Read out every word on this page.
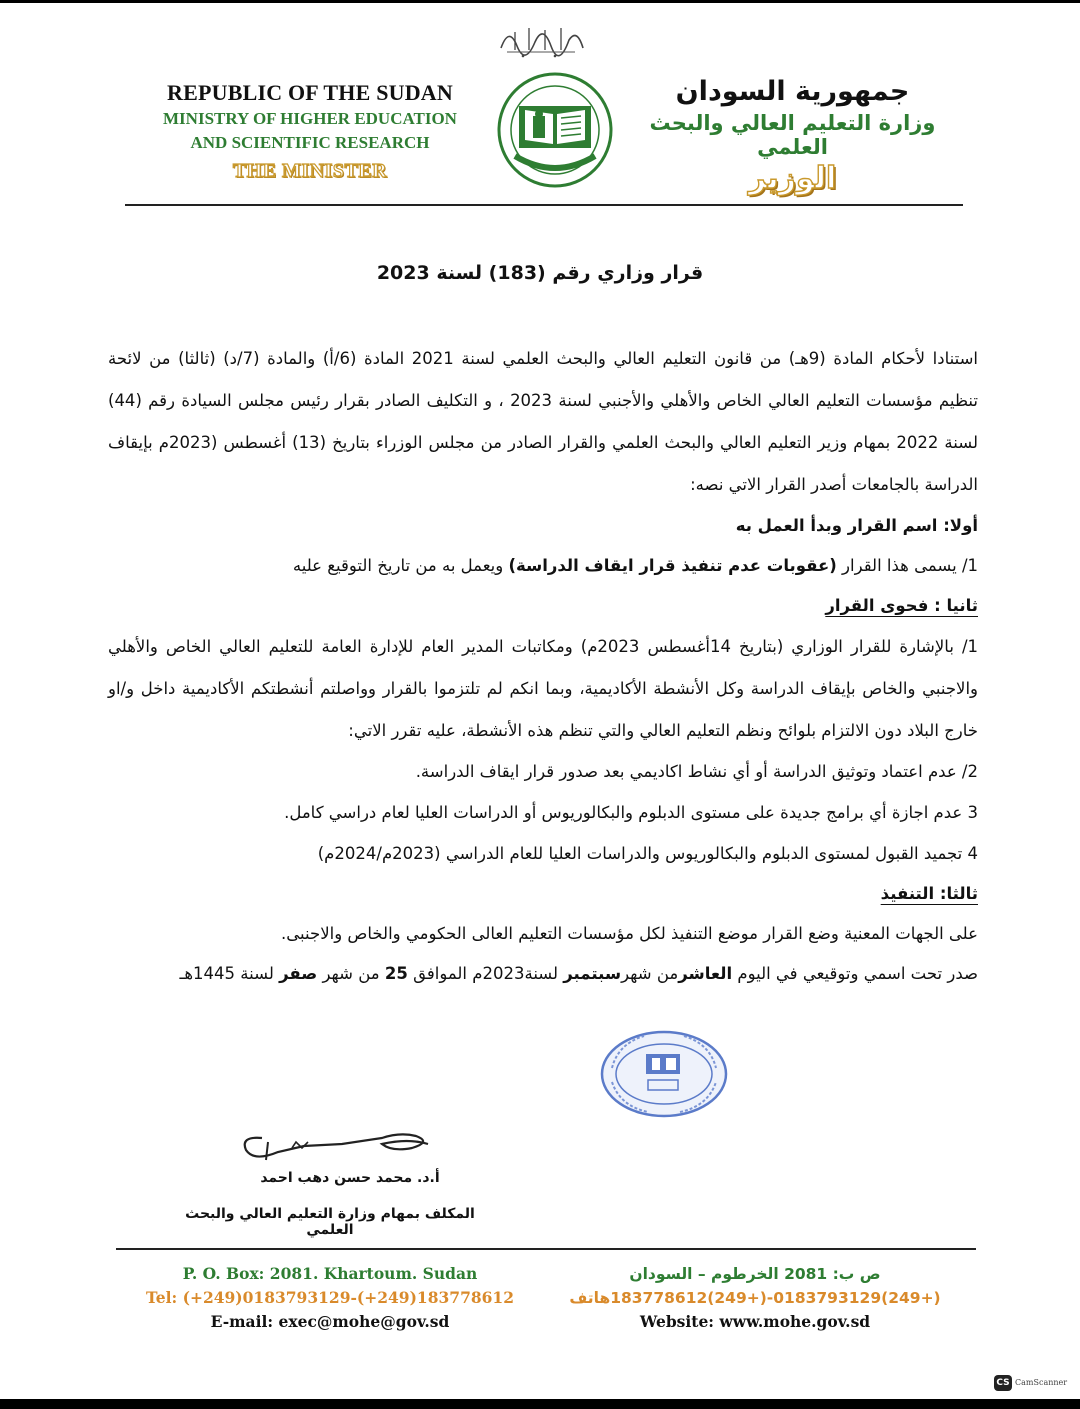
REPUBLIC OF THE SUDAN
MINISTRY OF HIGHER EDUCATION
AND SCIENTIFIC RESEARCH
THE MINISTER
جمهورية السودان
وزارة التعليم العالي والبحث العلمي
الوزير
قرار وزاري رقم (183) لسنة 2023

استنادا لأحكام المادة (9هـ) من قانون التعليم العالي والبحث العلمي لسنة 2021 المادة (6/أ) والمادة (7/د) (ثالثا) من لائحة تنظيم مؤسسات التعليم العالي الخاص والأهلي والأجنبي لسنة 2023 ، و التكليف الصادر بقرار رئيس مجلس السيادة رقم (44) لسنة 2022 بمهام وزير التعليم العالي والبحث العلمي والقرار الصادر من مجلس الوزراء بتاريخ (13) أغسطس (2023م بإيقاف الدراسة بالجامعات أصدر القرار الاتي نصه:

أولا: اسم القرار وبدأ العمل به

1/ يسمى هذا القرار (عقوبات عدم تنفيذ قرار ايقاف الدراسة) ويعمل به من تاريخ التوقيع عليه

ثانيا : فحوى القرار

1/ بالإشارة للقرار الوزاري (بتاريخ 14أغسطس 2023م) ومكاتبات المدير العام للإدارة العامة للتعليم العالي الخاص والأهلي والاجنبي والخاص بإيقاف الدراسة وكل الأنشطة الأكاديمية، وبما انكم لم تلتزموا بالقرار وواصلتم أنشطتكم الأكاديمية داخل و/او خارج البلاد دون الالتزام بلوائح ونظم التعليم العالي والتي تنظم هذه الأنشطة، عليه تقرر الاتي:

2/ عدم اعتماد وتوثيق الدراسة أو أي نشاط اكاديمي بعد صدور قرار ايقاف الدراسة.

3 عدم اجازة أي برامج جديدة على مستوى الدبلوم والبكالوريوس أو الدراسات العليا لعام دراسي كامل.

4 تجميد القبول لمستوى الدبلوم والبكالوريوس والدراسات العليا للعام الدراسي (2023م/2024م)

ثالثا: التنفيذ

على الجهات المعنية وضع القرار موضع التنفيذ لكل مؤسسات التعليم العالى الحكومي والخاص والاجنبى.

صدر تحت اسمي وتوقيعي في اليوم العاشرمن شهرسبتمبر لسنة2023م الموافق 25 من شهر صفر لسنة 1445هـ

أ.د. محمد حسن دهب احمد
المكلف بمهام وزارة التعليم العالي والبحث العلمي
P. O. Box: 2081. Khartoum. Sudan
Tel: (+249)0183793129-(+249)183778612
E-mail: exec@mohe@gov.sd
ص ب: 2081 الخرطوم – السودان
(+249)0183793129-(+249)183778612هاتف
Website: www.mohe.gov.sd
CS CamScanner
